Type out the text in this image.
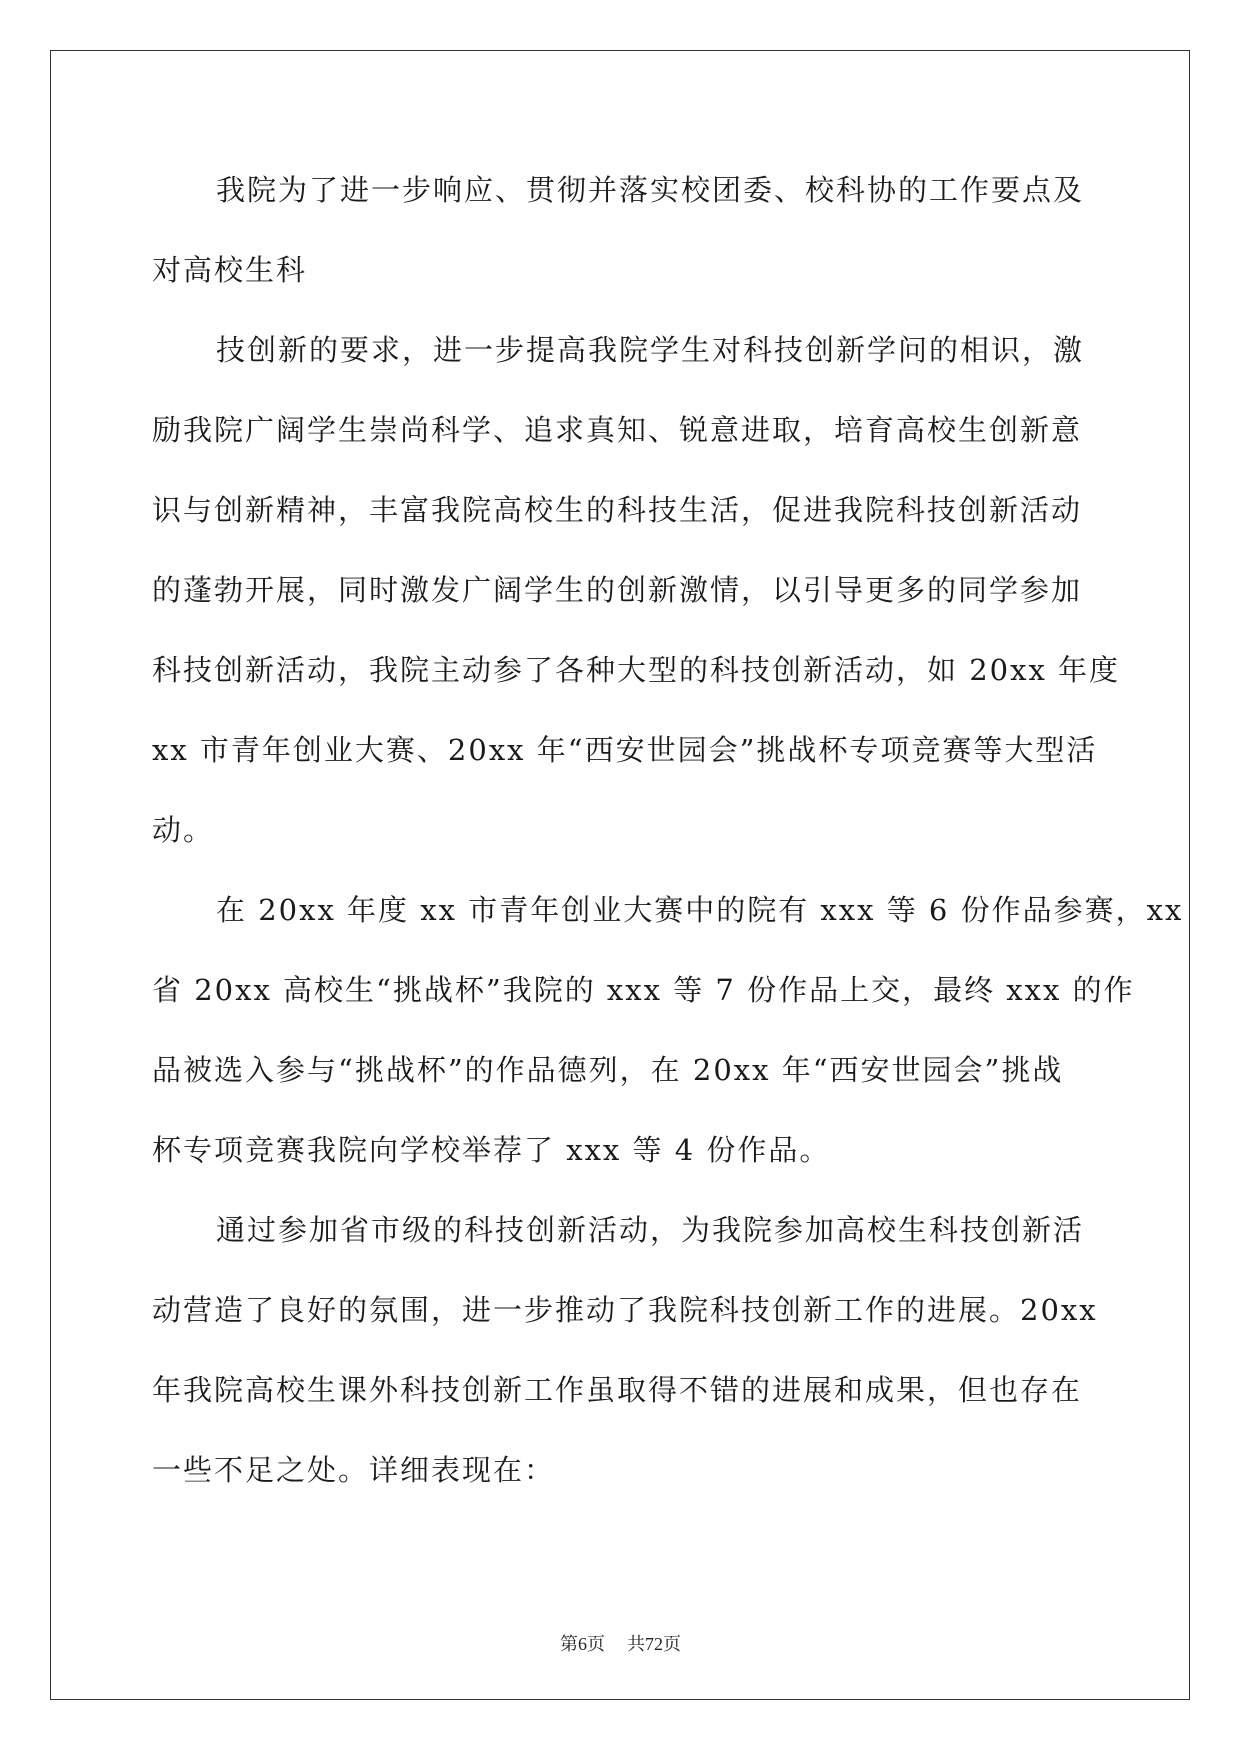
我院为了进一步响应、贯彻并落实校团委、校科协的工作要点及
对高校生科
技创新的要求，进一步提高我院学生对科技创新学问的相识，激
励我院广阔学生崇尚科学、追求真知、锐意进取，培育高校生创新意
识与创新精神，丰富我院高校生的科技生活，促进我院科技创新活动
的蓬勃开展，同时激发广阔学生的创新激情，以引导更多的同学参加
科技创新活动，我院主动参了各种大型的科技创新活动，如 20xx 年度
xx 市青年创业大赛、20xx 年“西安世园会”挑战杯专项竞赛等大型活
动。
在 20xx 年度 xx 市青年创业大赛中的院有 xxx 等 6 份作品参赛，xx
省 20xx 高校生“挑战杯”我院的 xxx 等 7 份作品上交，最终 xxx 的作
品被选入参与“挑战杯”的作品德列，在 20xx 年“西安世园会”挑战
杯专项竞赛我院向学校举荐了 xxx 等 4 份作品。
通过参加省市级的科技创新活动，为我院参加高校生科技创新活
动营造了良好的氛围，进一步推动了我院科技创新工作的进展。20xx
年我院高校生课外科技创新工作虽取得不错的进展和成果，但也存在
一些不足之处。详细表现在：
第6页 共72页
